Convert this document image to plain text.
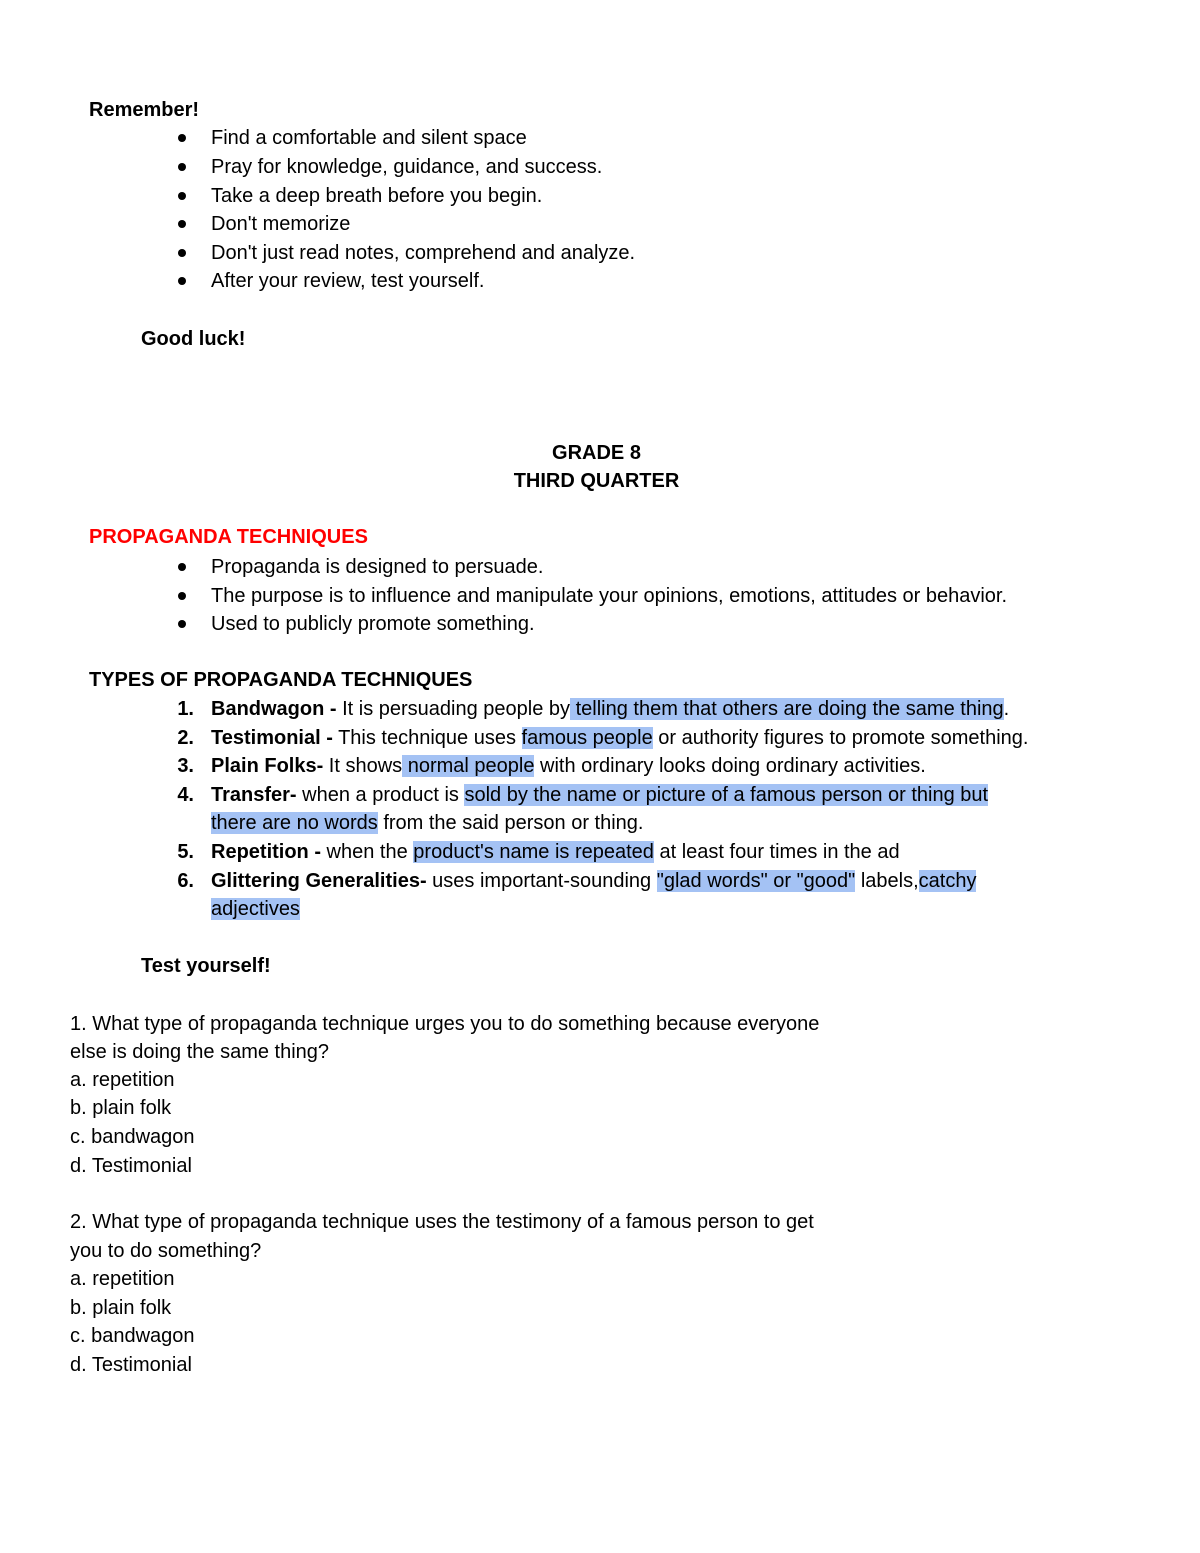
Remember!
Find a comfortable and silent space
Pray for knowledge, guidance, and success.
Take a deep breath before you begin.
Don't memorize
Don't just read notes, comprehend and analyze.
After your review, test yourself.
Good luck!
GRADE 8
THIRD QUARTER
PROPAGANDA TECHNIQUES
Propaganda is designed to persuade.
The purpose is to influence and manipulate your opinions, emotions, attitudes or behavior.
Used to publicly promote something.
TYPES OF PROPAGANDA TECHNIQUES
1. Bandwagon - It is persuading people by telling them that others are doing the same thing.
2. Testimonial - This technique uses famous people or authority figures to promote something.
3. Plain Folks- It shows normal people with ordinary looks doing ordinary activities.
4. Transfer- when a product is sold by the name or picture of a famous person or thing but
there are no words from the said person or thing.
5. Repetition - when the product's name is repeated at least four times in the ad
6. Glittering Generalities- uses important-sounding "glad words" or "good" labels,catchy
adjectives
Test yourself!
1. What type of propaganda technique urges you to do something because everyone
else is doing the same thing?
a. repetition
b. plain folk
c. bandwagon
d. Testimonial
2. What type of propaganda technique uses the testimony of a famous person to get
you to do something?
a. repetition
b. plain folk
c. bandwagon
d. Testimonial
